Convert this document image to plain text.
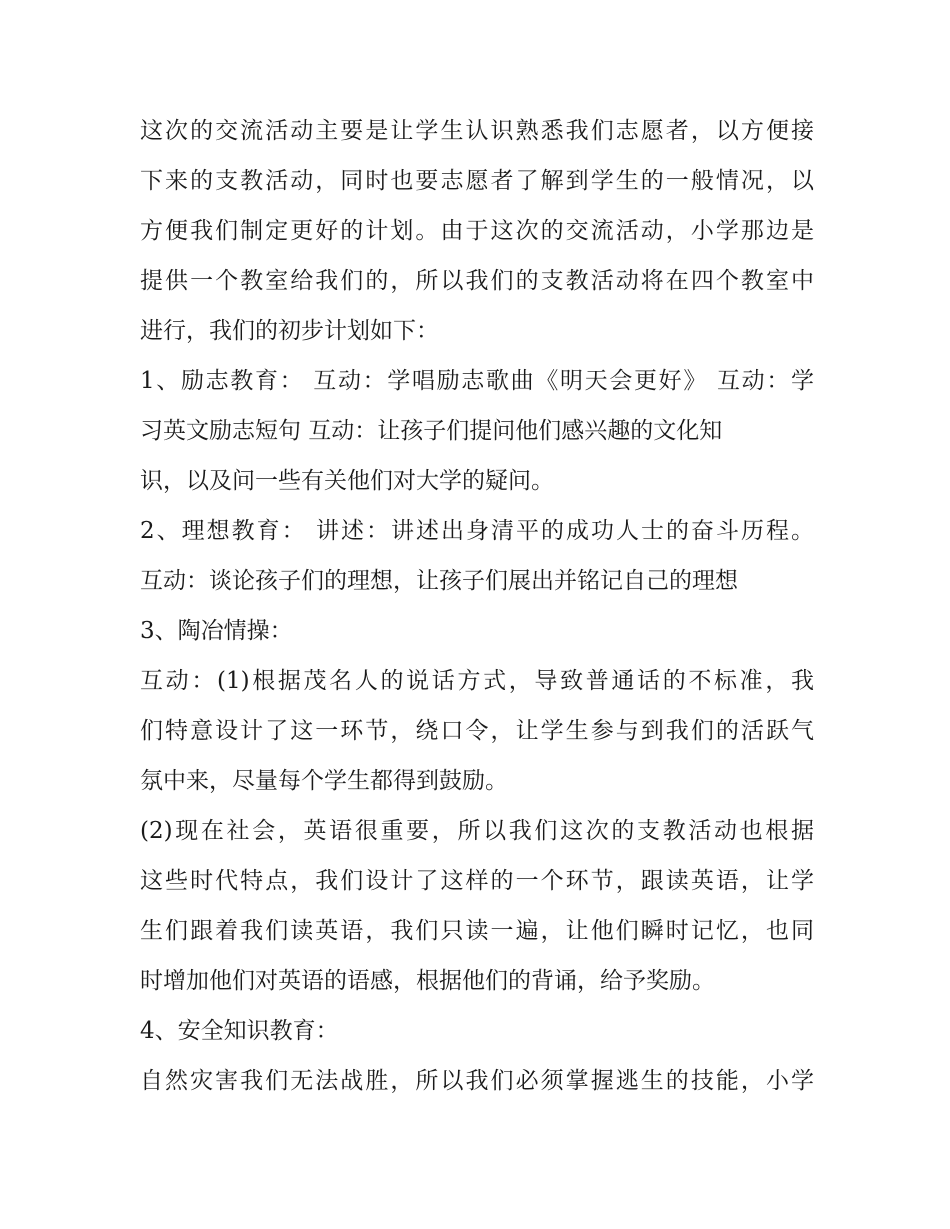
这次的交流活动主要是让学生认识熟悉我们志愿者，以方便接
下来的支教活动，同时也要志愿者了解到学生的一般情况，以
方便我们制定更好的计划。由于这次的交流活动，小学那边是
提供一个教室给我们的，所以我们的支教活动将在四个教室中
进行，我们的初步计划如下：
1、励志教育： 互动：学唱励志歌曲《明天会更好》 互动：学
习英文励志短句 互动：让孩子们提问他们感兴趣的文化知
识，以及问一些有关他们对大学的疑问。
2、理想教育： 讲述：讲述出身清平的成功人士的奋斗历程。
互动：谈论孩子们的理想，让孩子们展出并铭记自己的理想
3、陶冶情操：
互动：(1)根据茂名人的说话方式，导致普通话的不标准，我
们特意设计了这一环节，绕口令，让学生参与到我们的活跃气
氛中来，尽量每个学生都得到鼓励。
(2)现在社会，英语很重要，所以我们这次的支教活动也根据
这些时代特点，我们设计了这样的一个环节，跟读英语，让学
生们跟着我们读英语，我们只读一遍，让他们瞬时记忆，也同
时增加他们对英语的语感，根据他们的背诵，给予奖励。
4、安全知识教育：
自然灾害我们无法战胜，所以我们必须掌握逃生的技能，小学
